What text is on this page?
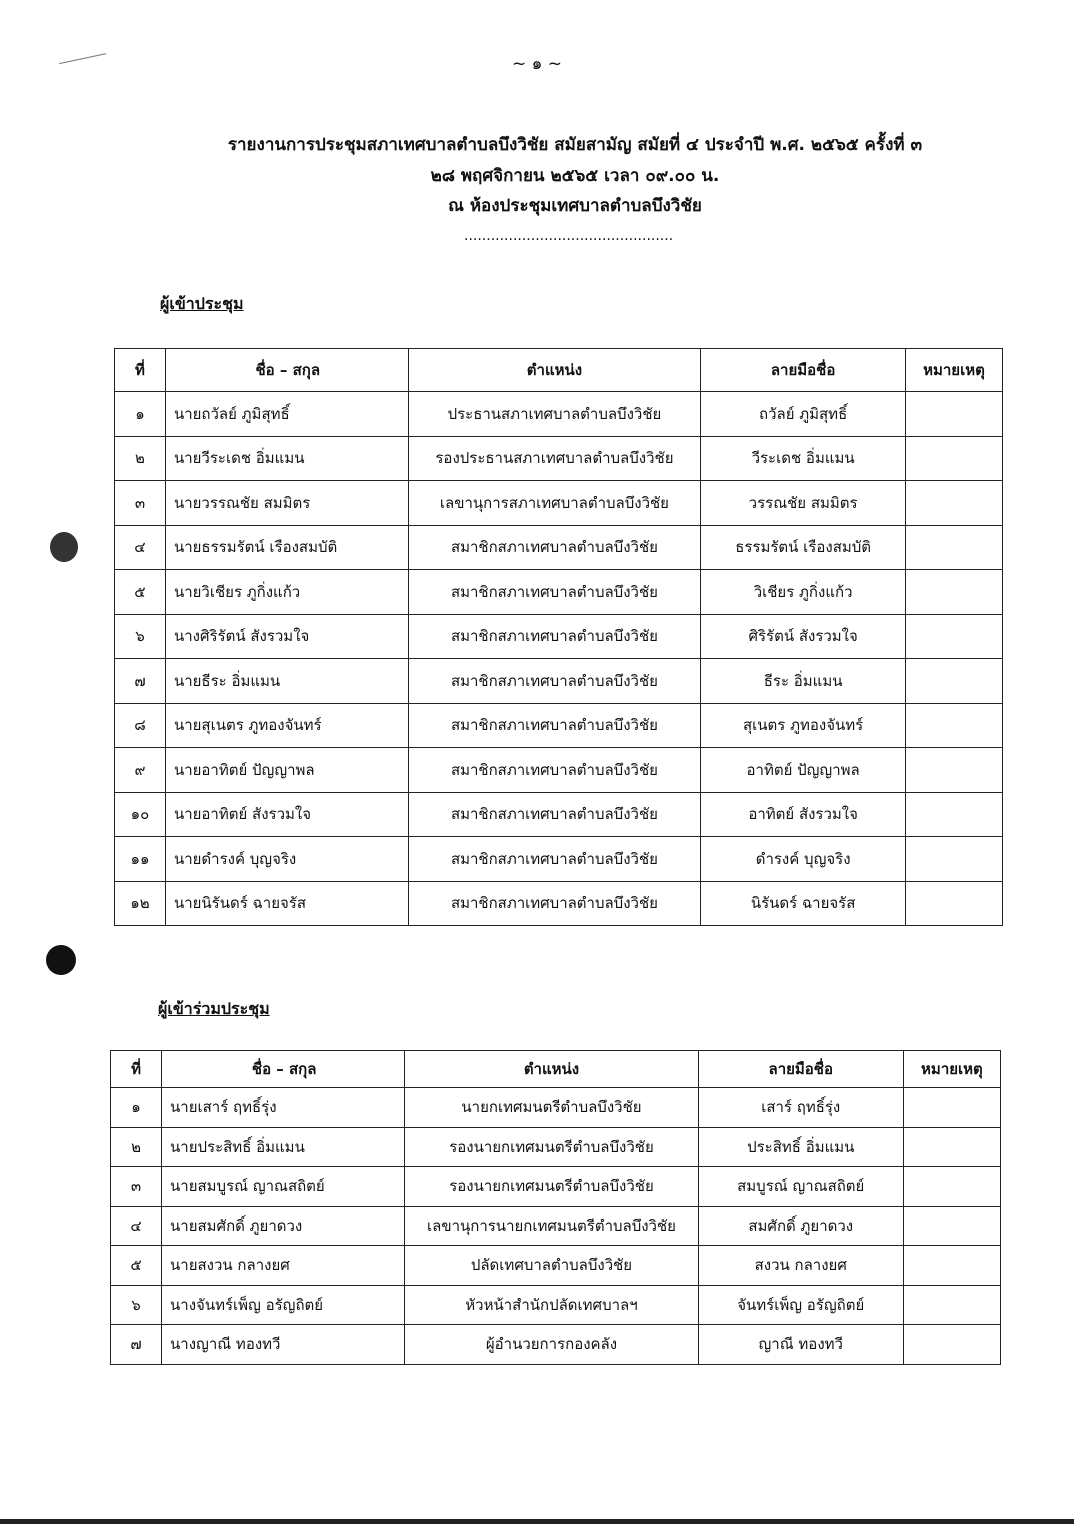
~ ๑ ~
รายงานการประชุมสภาเทศบาลตำบลบึงวิชัย สมัยสามัญ สมัยที่ ๔ ประจำปี พ.ศ. ๒๕๖๕ ครั้งที่ ๓
๒๘ พฤศจิกายน ๒๕๖๕ เวลา ๐๙.๐๐ น.
ณ ห้องประชุมเทศบาลตำบลบึงวิชัย
...............................................
ผู้เข้าประชุม
ที่	ชื่อ – สกุล	ตำแหน่ง	ลายมือชื่อ	หมายเหตุ
๑	นายถวัลย์ ภูมิสุทธิ์	ประธานสภาเทศบาลตำบลบึงวิชัย	ถวัลย์ ภูมิสุทธิ์	
๒	นายวีระเดช อิ่มแมน	รองประธานสภาเทศบาลตำบลบึงวิชัย	วีระเดช อิ่มแมน	
๓	นายวรรณชัย สมมิตร	เลขานุการสภาเทศบาลตำบลบึงวิชัย	วรรณชัย สมมิตร	
๔	นายธรรมรัตน์ เรืองสมบัติ	สมาชิกสภาเทศบาลตำบลบึงวิชัย	ธรรมรัตน์ เรืองสมบัติ	
๕	นายวิเชียร ภูกิ่งแก้ว	สมาชิกสภาเทศบาลตำบลบึงวิชัย	วิเชียร ภูกิ่งแก้ว	
๖	นางศิริรัตน์ สังรวมใจ	สมาชิกสภาเทศบาลตำบลบึงวิชัย	ศิริรัตน์ สังรวมใจ	
๗	นายธีระ อิ่มแมน	สมาชิกสภาเทศบาลตำบลบึงวิชัย	ธีระ อิ่มแมน	
๘	นายสุเนตร ภูทองจันทร์	สมาชิกสภาเทศบาลตำบลบึงวิชัย	สุเนตร ภูทองจันทร์	
๙	นายอาทิตย์ ปัญญาพล	สมาชิกสภาเทศบาลตำบลบึงวิชัย	อาทิตย์ ปัญญาพล	
๑๐	นายอาทิตย์ สังรวมใจ	สมาชิกสภาเทศบาลตำบลบึงวิชัย	อาทิตย์ สังรวมใจ	
๑๑	นายดำรงค์ บุญจริง	สมาชิกสภาเทศบาลตำบลบึงวิชัย	ดำรงค์ บุญจริง	
๑๒	นายนิรันดร์ ฉายจรัส	สมาชิกสภาเทศบาลตำบลบึงวิชัย	นิรันดร์ ฉายจรัส	
ผู้เข้าร่วมประชุม
ที่	ชื่อ – สกุล	ตำแหน่ง	ลายมือชื่อ	หมายเหตุ
๑	นายเสาร์ ฤทธิ์รุ่ง	นายกเทศมนตรีตำบลบึงวิชัย	เสาร์ ฤทธิ์รุ่ง	
๒	นายประสิทธิ์ อิ่มแมน	รองนายกเทศมนตรีตำบลบึงวิชัย	ประสิทธิ์ อิ่มแมน	
๓	นายสมบูรณ์ ญาณสถิตย์	รองนายกเทศมนตรีตำบลบึงวิชัย	สมบูรณ์ ญาณสถิตย์	
๔	นายสมศักดิ์ ภูยาดวง	เลขานุการนายกเทศมนตรีตำบลบึงวิชัย	สมศักดิ์ ภูยาดวง	
๕	นายสงวน กลางยศ	ปลัดเทศบาลตำบลบึงวิชัย	สงวน กลางยศ	
๖	นางจันทร์เพ็ญ อรัญถิตย์	หัวหน้าสำนักปลัดเทศบาลฯ	จันทร์เพ็ญ อรัญถิตย์	
๗	นางญาณี ทองทวี	ผู้อำนวยการกองคลัง	ญาณี ทองทวี	
